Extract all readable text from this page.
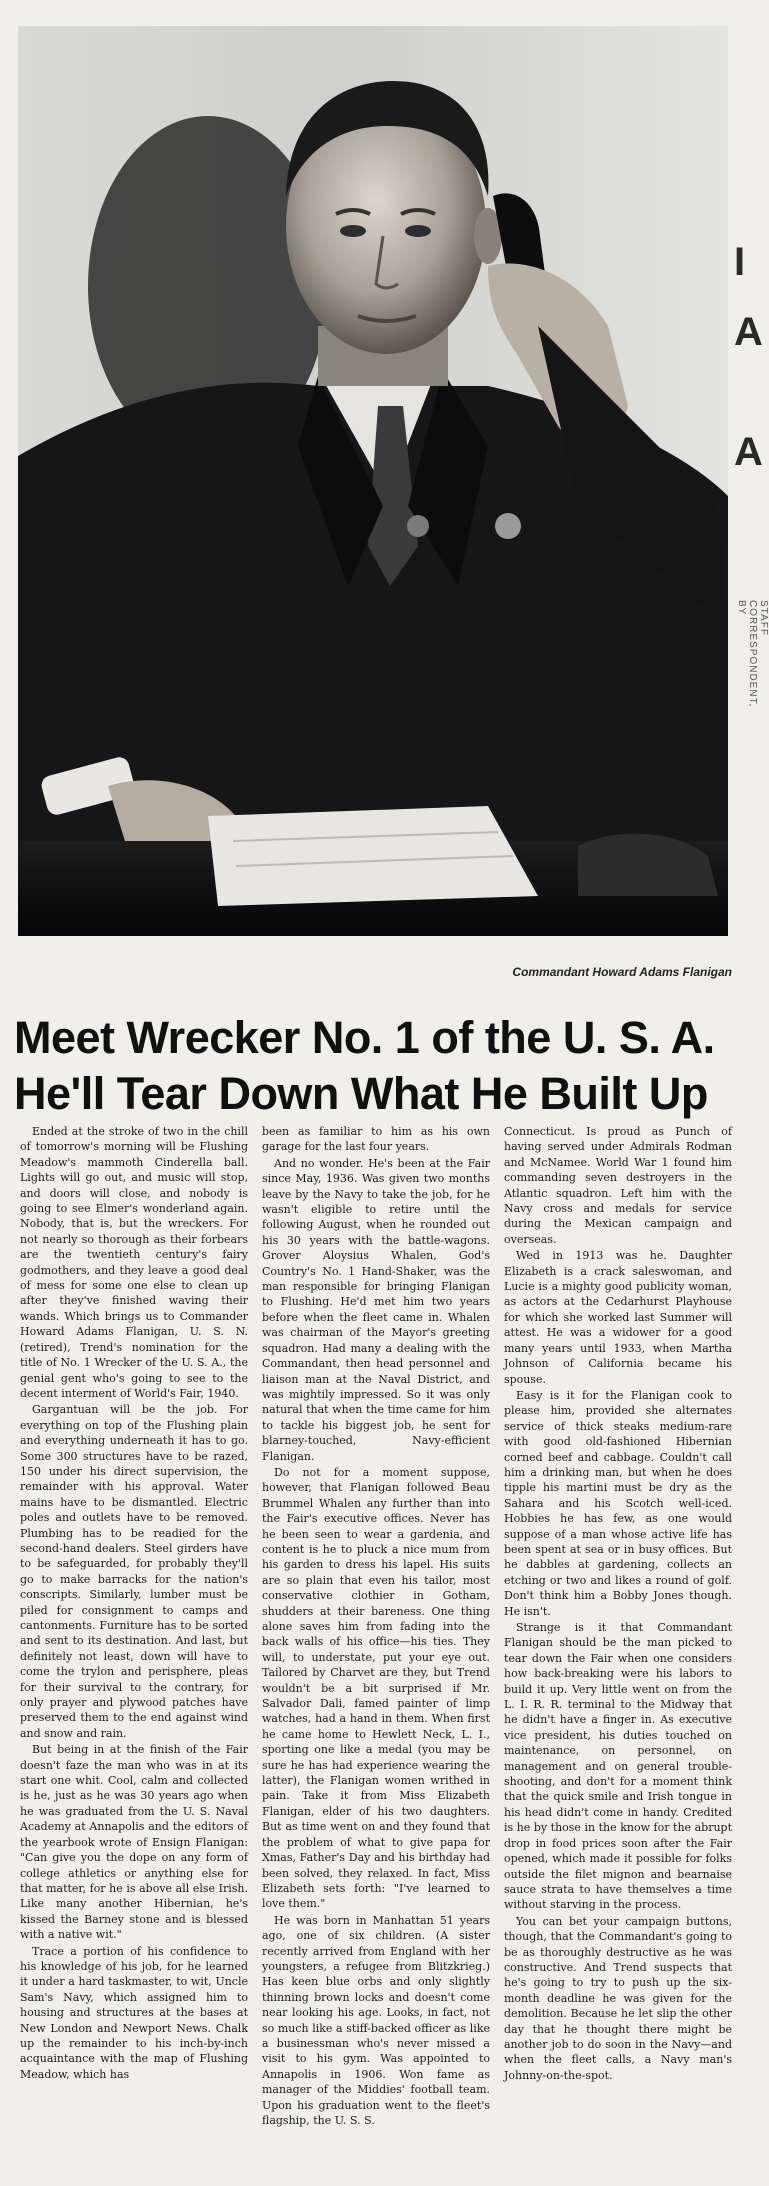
I
A
A
STAFF CORRESPONDENT, BY
Commandant Howard Adams Flanigan
Meet Wrecker No. 1 of the U. S. A.
He'll Tear Down What He Built Up

Ended at the stroke of two in the chill of tomorrow's morning will be Flushing Meadow's mammoth Cinderella ball. Lights will go out, and music will stop, and doors will close, and nobody is going to see Elmer's wonderland again. Nobody, that is, but the wreckers. For not nearly so thorough as their forbears are the twentieth century's fairy godmothers, and they leave a good deal of mess for some one else to clean up after they've finished waving their wands. Which brings us to Commander Howard Adams Flanigan, U. S. N. (retired), Trend's nomination for the title of No. 1 Wrecker of the U. S. A., the genial gent who's going to see to the decent interment of World's Fair, 1940.

Gargantuan will be the job. For everything on top of the Flushing plain and everything underneath it has to go. Some 300 structures have to be razed, 150 under his direct supervision, the remainder with his approval. Water mains have to be dismantled. Electric poles and outlets have to be removed. Plumbing has to be readied for the second-hand dealers. Steel girders have to be safeguarded, for probably they'll go to make barracks for the nation's conscripts. Similarly, lumber must be piled for consignment to camps and cantonments. Furniture has to be sorted and sent to its destination. And last, but definitely not least, down will have to come the trylon and perisphere, pleas for their survival to the contrary, for only prayer and plywood patches have preserved them to the end against wind and snow and rain.

But being in at the finish of the Fair doesn't faze the man who was in at its start one whit. Cool, calm and collected is he, just as he was 30 years ago when he was graduated from the U. S. Naval Academy at Annapolis and the editors of the yearbook wrote of Ensign Flanigan: "Can give you the dope on any form of college athletics or anything else for that matter, for he is above all else Irish. Like many another Hibernian, he's kissed the Barney stone and is blessed with a native wit."

Trace a portion of his confidence to his knowledge of his job, for he learned it under a hard taskmaster, to wit, Uncle Sam's Navy, which assigned him to housing and structures at the bases at New London and Newport News. Chalk up the remainder to his inch-by-inch acquaintance with the map of Flushing Meadow, which has

been as familiar to him as his own garage for the last four years.

And no wonder. He's been at the Fair since May, 1936. Was given two months leave by the Navy to take the job, for he wasn't eligible to retire until the following August, when he rounded out his 30 years with the battle-wagons. Grover Aloysius Whalen, God's Country's No. 1 Hand-Shaker, was the man responsible for bringing Flanigan to Flushing. He'd met him two years before when the fleet came in. Whalen was chairman of the Mayor's greeting squadron. Had many a dealing with the Commandant, then head personnel and liaison man at the Naval District, and was mightily impressed. So it was only natural that when the time came for him to tackle his biggest job, he sent for blarney-touched, Navy-efficient Flanigan.

Do not for a moment suppose, however, that Flanigan followed Beau Brummel Whalen any further than into the Fair's executive offices. Never has he been seen to wear a gardenia, and content is he to pluck a nice mum from his garden to dress his lapel. His suits are so plain that even his tailor, most conservative clothier in Gotham, shudders at their bareness. One thing alone saves him from fading into the back walls of his office—his ties. They will, to understate, put your eye out. Tailored by Charvet are they, but Trend wouldn't be a bit surprised if Mr. Salvador Dali, famed painter of limp watches, had a hand in them. When first he came home to Hewlett Neck, L. I., sporting one like a medal (you may be sure he has had experience wearing the latter), the Flanigan women writhed in pain. Take it from Miss Elizabeth Flanigan, elder of his two daughters. But as time went on and they found that the problem of what to give papa for Xmas, Father's Day and his birthday had been solved, they relaxed. In fact, Miss Elizabeth sets forth: "I've learned to love them."

He was born in Manhattan 51 years ago, one of six children. (A sister recently arrived from England with her youngsters, a refugee from Blitzkrieg.) Has keen blue orbs and only slightly thinning brown locks and doesn't come near looking his age. Looks, in fact, not so much like a stiff-backed officer as like a businessman who's never missed a visit to his gym. Was appointed to Annapolis in 1906. Won fame as manager of the Middies' football team. Upon his graduation went to the fleet's flagship, the U. S. S.

Connecticut. Is proud as Punch of having served under Admirals Rodman and McNamee. World War 1 found him commanding seven destroyers in the Atlantic squadron. Left him with the Navy cross and medals for service during the Mexican campaign and overseas.

Wed in 1913 was he. Daughter Elizabeth is a crack saleswoman, and Lucie is a mighty good publicity woman, as actors at the Cedarhurst Playhouse for which she worked last Summer will attest. He was a widower for a good many years until 1933, when Martha Johnson of California became his spouse.

Easy is it for the Flanigan cook to please him, provided she alternates service of thick steaks medium-rare with good old-fashioned Hibernian corned beef and cabbage. Couldn't call him a drinking man, but when he does tipple his martini must be dry as the Sahara and his Scotch well-iced. Hobbies he has few, as one would suppose of a man whose active life has been spent at sea or in busy offices. But he dabbles at gardening, collects an etching or two and likes a round of golf. Don't think him a Bobby Jones though. He isn't.

Strange is it that Commandant Flanigan should be the man picked to tear down the Fair when one considers how back-breaking were his labors to build it up. Very little went on from the L. I. R. R. terminal to the Midway that he didn't have a finger in. As executive vice president, his duties touched on maintenance, on personnel, on management and on general trouble-shooting, and don't for a moment think that the quick smile and Irish tongue in his head didn't come in handy. Credited is he by those in the know for the abrupt drop in food prices soon after the Fair opened, which made it possible for folks outside the filet mignon and bearnaise sauce strata to have themselves a time without starving in the process.

You can bet your campaign buttons, though, that the Commandant's going to be as thoroughly destructive as he was constructive. And Trend suspects that he's going to try to push up the six-month deadline he was given for the demolition. Because he let slip the other day that he thought there might be another job to do soon in the Navy—and when the fleet calls, a Navy man's Johnny-on-the-spot.
